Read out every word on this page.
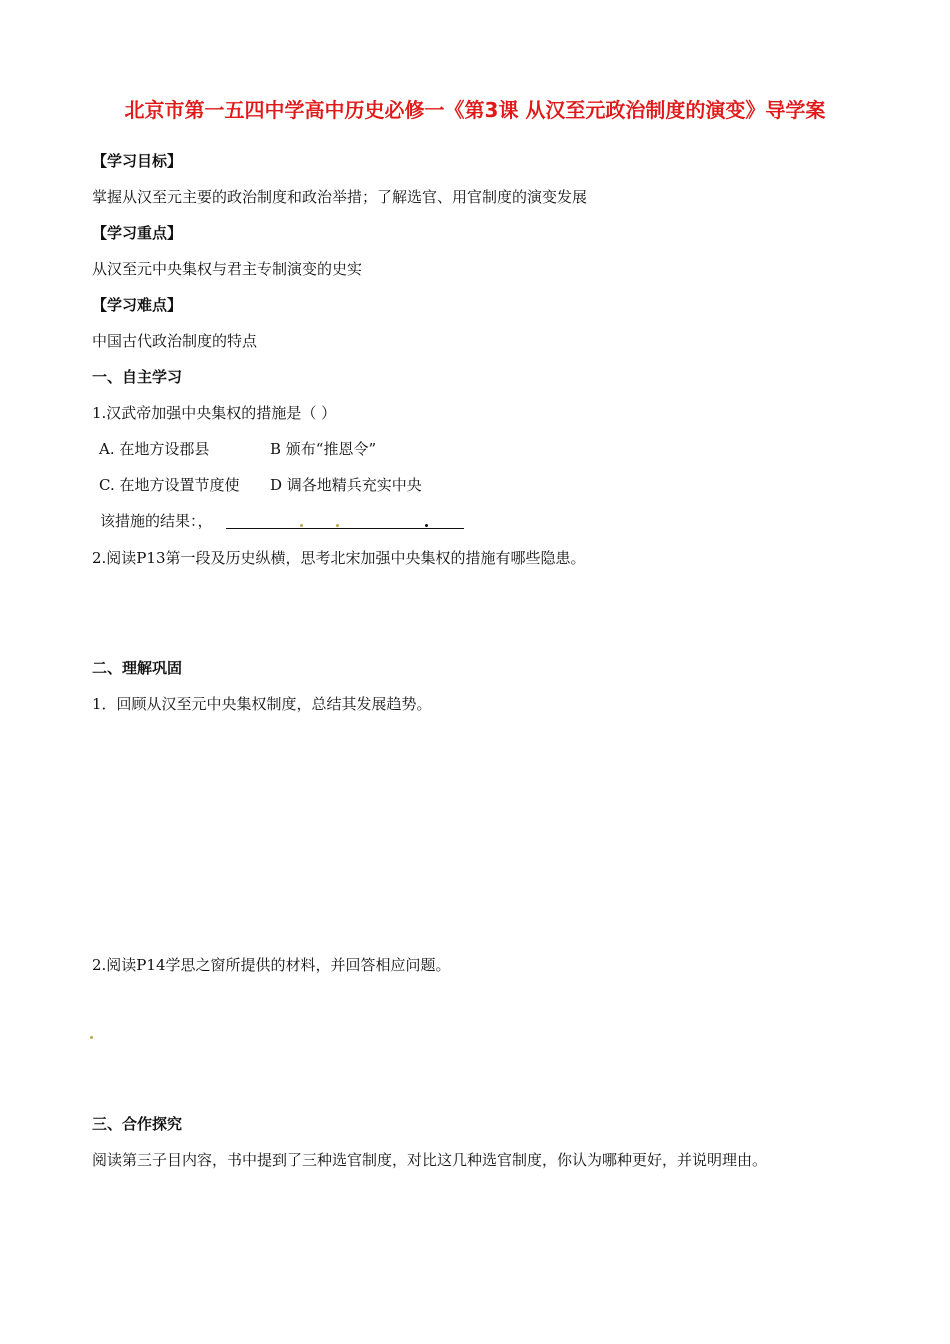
北京市第一五四中学高中历史必修一《第3课 从汉至元政治制度的演变》导学案
【学习目标】
掌握从汉至元主要的政治制度和政治举措；了解选官、用官制度的演变发展
【学习重点】
从汉至元中央集权与君主专制演变的史实
【学习难点】
中国古代政治制度的特点
一、自主学习
1.汉武帝加强中央集权的措施是（ ）
A. 在地方设郡县	B 颁布“推恩令”
C. 在地方设置节度使 D 调各地精兵充实中央
该措施的结果：，
2.阅读P13第一段及历史纵横，思考北宋加强中央集权的措施有哪些隐患。
二、理解巩固
1．回顾从汉至元中央集权制度，总结其发展趋势。
2.阅读P14学思之窗所提供的材料，并回答相应问题。
三、合作探究
阅读第三子目内容，书中提到了三种选官制度，对比这几种选官制度，你认为哪种更好，并说明理由。
